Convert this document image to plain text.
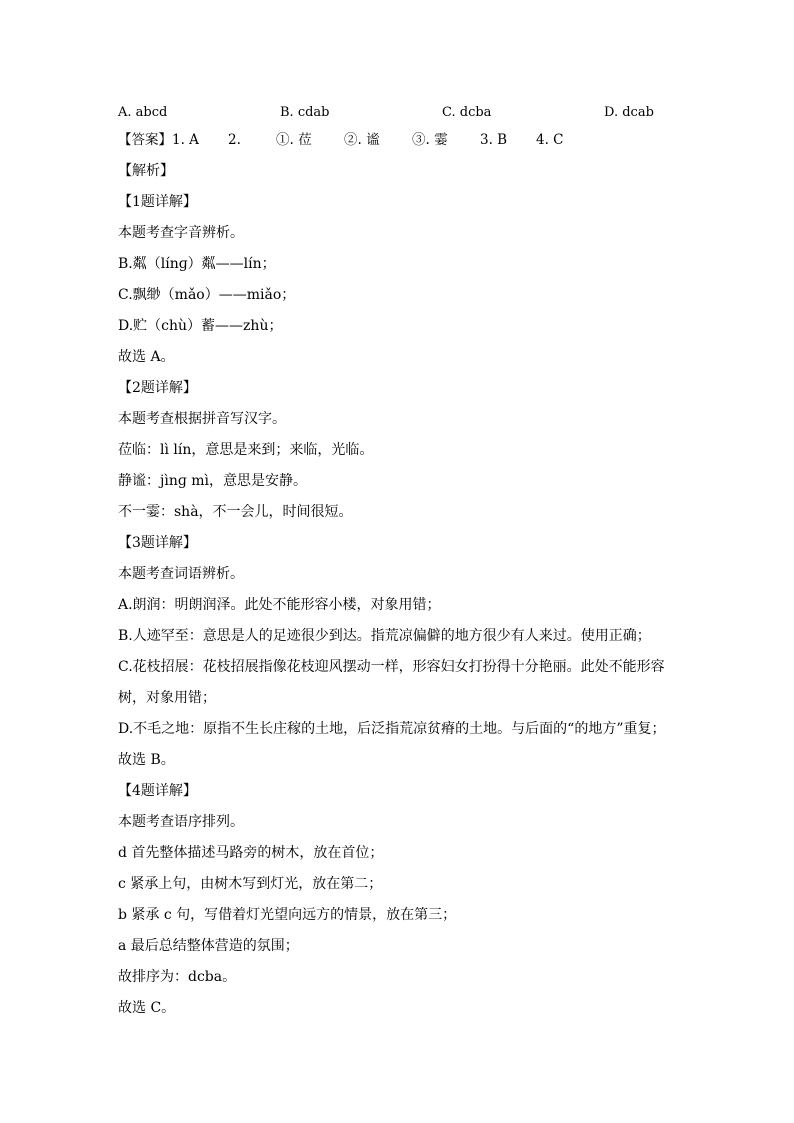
A. abcd	B. cdab	C. dcba	D. dcab
【答案】 1. A	2.	①. 莅	②. 谧	③. 霎	3. B	4. C
【解析】
【1题详解】
本题考查字音辨析。
B.粼（línɡ）粼——lín；
C.飘缈（mǎo）——miǎo；
D.贮（chù）蓄——zhù；
故选 A。
【2题详解】
本题考查根据拼音写汉字。
莅临：lì lín，意思是来到；来临，光临。
静谧：jìnɡ mì，意思是安静。
不一霎：shà，不一会儿，时间很短。
【3题详解】
本题考查词语辨析。
A.朗润：明朗润泽。此处不能形容小楼，对象用错；
B.人迹罕至：意思是人的足迹很少到达。指荒凉偏僻的地方很少有人来过。使用正确；
C.花枝招展：花枝招展指像花枝迎风摆动一样，形容妇女打扮得十分艳丽。此处不能形容树，对象用错；
D.不毛之地：原指不生长庄稼的土地，后泛指荒凉贫瘠的土地。与后面的“的地方”重复；
故选 B。
【4题详解】
本题考查语序排列。
d 首先整体描述马路旁的树木，放在首位；
c 紧承上句，由树木写到灯光，放在第二；
b 紧承 c 句，写借着灯光望向远方的情景，放在第三；
a 最后总结整体营造的氛围；
故排序为：dcba。
故选 C。
